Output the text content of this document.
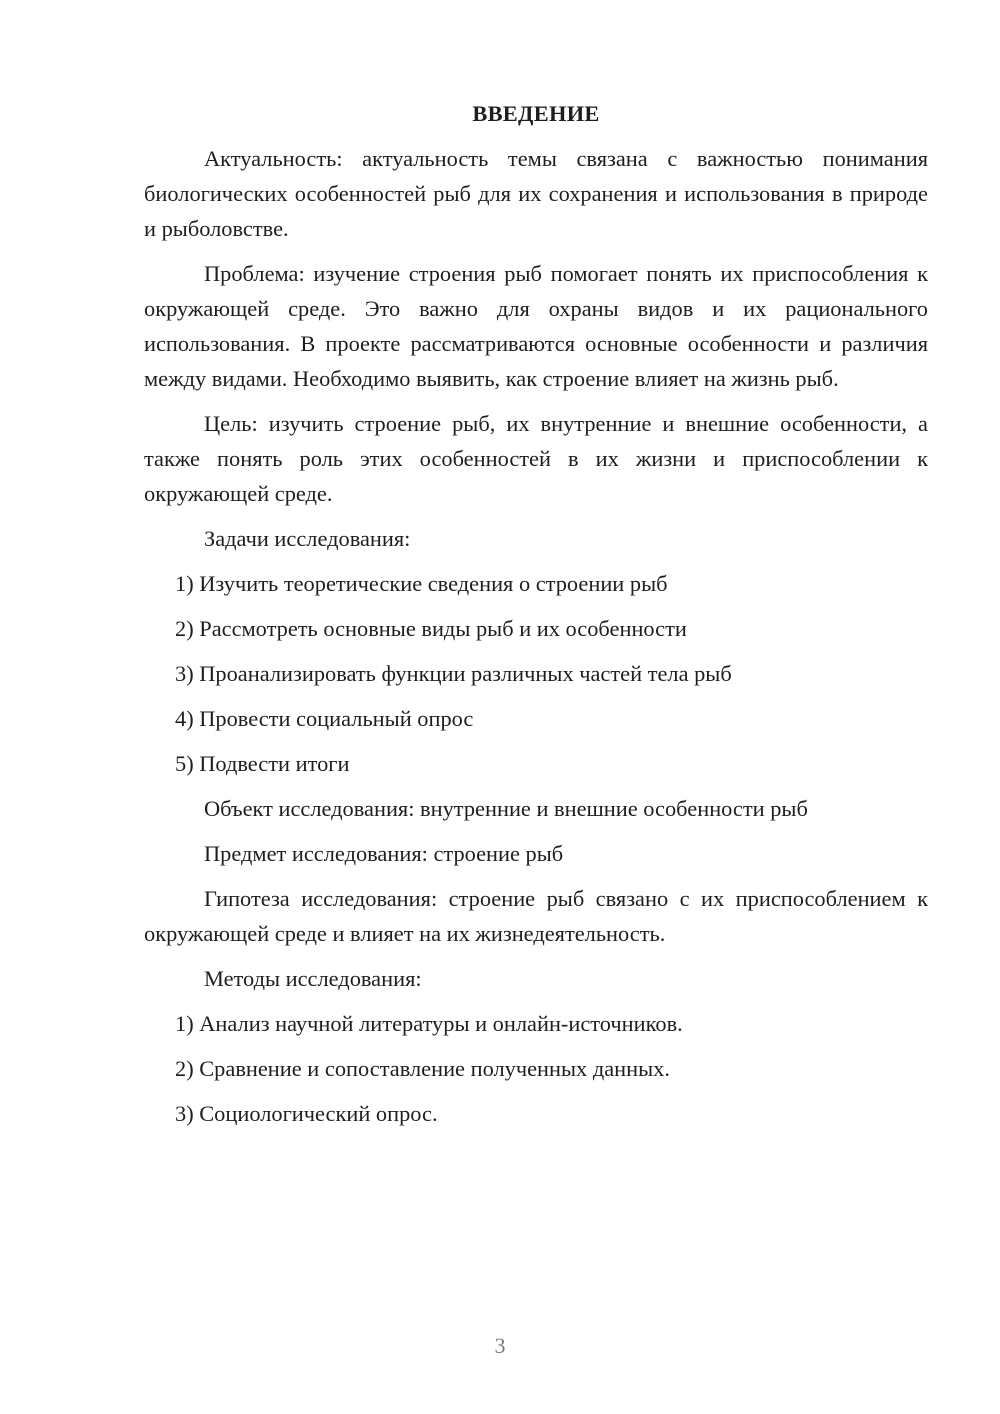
ВВЕДЕНИЕ

Актуальность: актуальность темы связана с важностью понимания биологических особенностей рыб для их сохранения и использования в природе и рыболовстве.

Проблема: изучение строения рыб помогает понять их приспособления к окружающей среде. Это важно для охраны видов и их рационального использования. В проекте рассматриваются основные особенности и различия между видами. Необходимо выявить, как строение влияет на жизнь рыб.

Цель: изучить строение рыб, их внутренние и внешние особенности, а также понять роль этих особенностей в их жизни и приспособлении к окружающей среде.

Задачи исследования:

1) Изучить теоретические сведения о строении рыб

2) Рассмотреть основные виды рыб и их особенности

3) Проанализировать функции различных частей тела рыб

4) Провести социальный опрос

5) Подвести итоги

Объект исследования: внутренние и внешние особенности рыб

Предмет исследования: строение рыб

Гипотеза исследования: строение рыб связано с их приспособлением к окружающей среде и влияет на их жизнедеятельность.

Методы исследования:

1) Анализ научной литературы и онлайн-источников.

2) Сравнение и сопоставление полученных данных.

3) Социологический опрос.

3
